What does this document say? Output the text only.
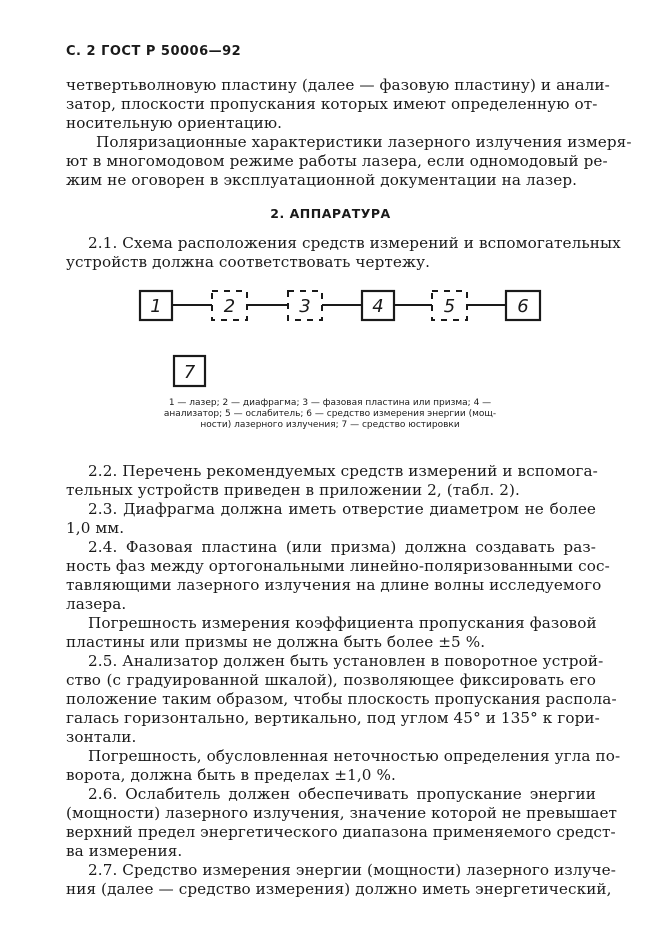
С. 2 ГОСТ Р 50006—92
четвертьволновую пластину (далее — фазовую пластину) и анали-
затор, плоскости пропускания которых имеют определенную от-
носительную ориентацию.
Поляризационные характеристики лазерного излучения измеря-
ют в многомодовом режиме работы лазера, если одномодовый ре-
жим не оговорен в эксплуатационной документации на лазер.
2. АППАРАТУРА
2.1. Схема расположения средств измерений и вспомогательных
устройств должна соответствовать чертежу.
1	2	3	4	5	6
7
1 — лазер; 2 — диафрагма; 3 — фазовая пластина или призма; 4 —
анализатор; 5 — ослабитель; 6 — средство измерения энергии (мощ-
ности) лазерного излучения; 7 — средство юстировки
2.2. Перечень рекомендуемых средств измерений и вспомога-
тельных устройств приведен в приложении 2, (табл. 2).
2.3. Диафрагма должна иметь отверстие диаметром не более
1,0 мм.
2.4. Фазовая пластина (или призма) должна создавать раз-
ность фаз между ортогональными линейно-поляризованными сос-
тавляющими лазерного излучения на длине волны исследуемого
лазера.
Погрешность измерения коэффициента пропускания фазовой
пластины или призмы не должна быть более ±5 %.
2.5. Анализатор должен быть установлен в поворотное устрой-
ство (с градуированной шкалой), позволяющее фиксировать его
положение таким образом, чтобы плоскость пропускания распола-
галась горизонтально, вертикально, под углом 45° и 135° к гори-
зонтали.
Погрешность, обусловленная неточностью определения угла по-
ворота, должна быть в пределах ±1,0 %.
2.6. Ослабитель должен обеспечивать пропускание энергии
(мощности) лазерного излучения, значение которой не превышает
верхний предел энергетического диапазона применяемого средст-
ва измерения.
2.7. Средство измерения энергии (мощности) лазерного излуче-
ния (далее — средство измерения) должно иметь энергетический,
